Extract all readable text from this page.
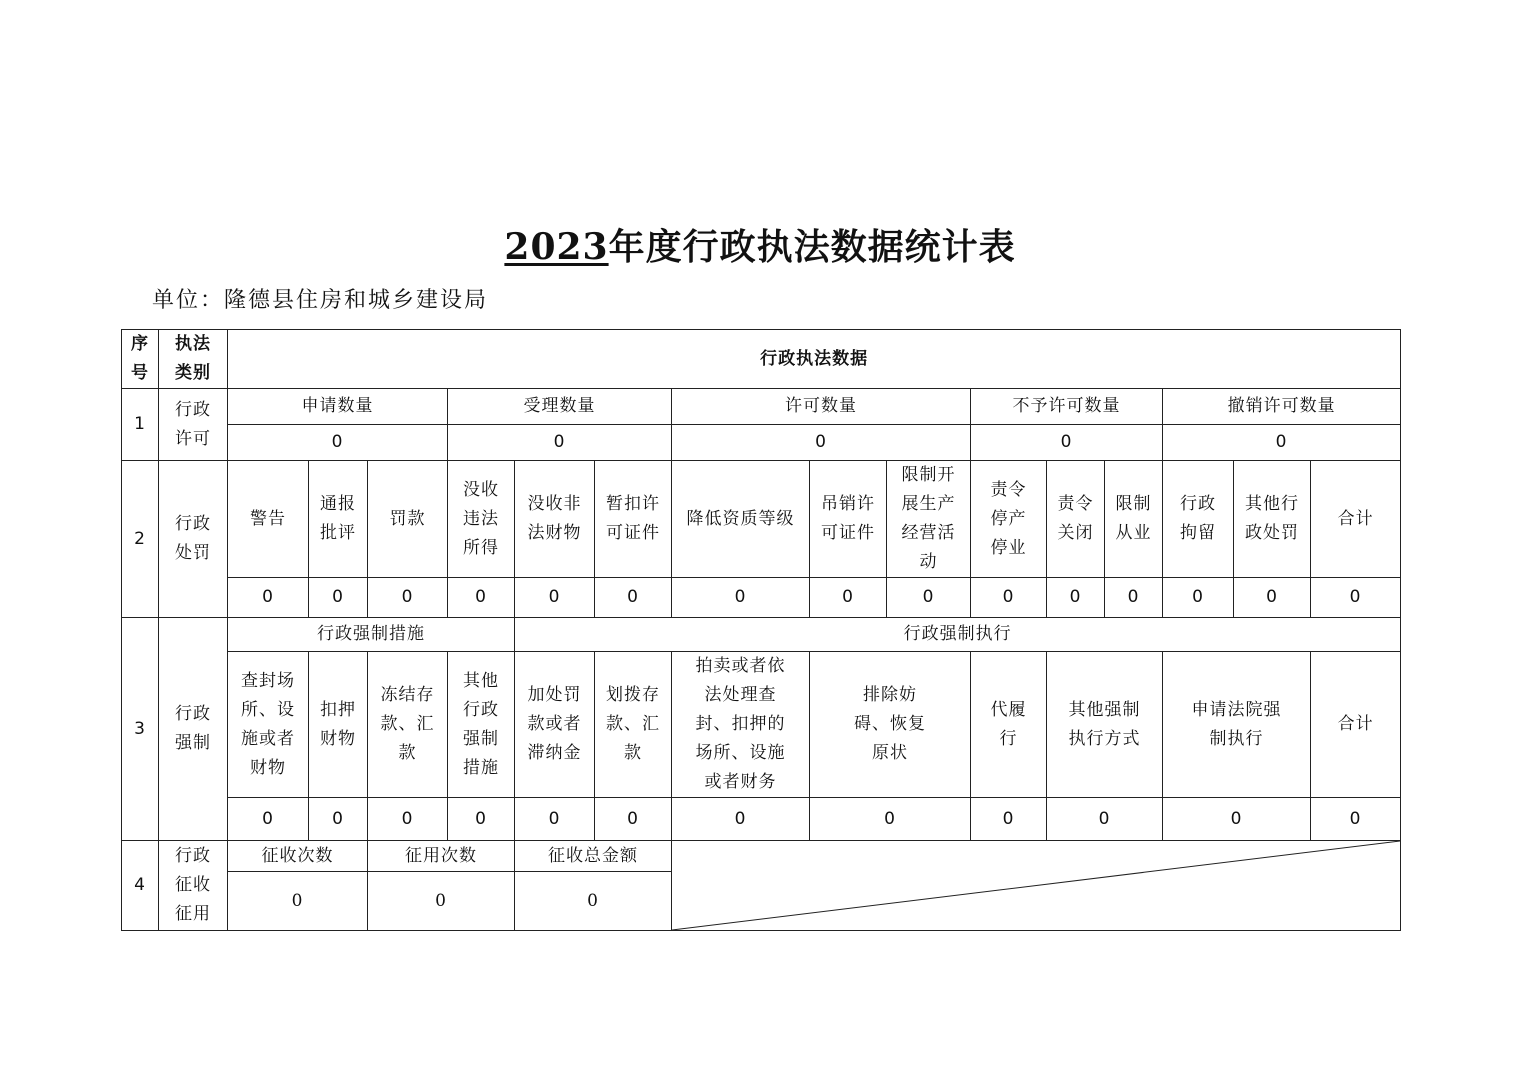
2023年度行政执法数据统计表
单位：隆德县住房和城乡建设局
序号	执法类别	行政执法数据														
1	行政许可	申请数量			受理数量			许可数量			不予许可数量			撤销许可数量		
		0			0			0			0			0		
2	行政处罚	警告	通报批评	罚款	没收违法所得	没收非法财物	暂扣许可证件	降低资质等级	吊销许可证件	限制开展生产经营活动	责令停产停业	责令关闭	限制从业	行政拘留	其他行政处罚	合计

		0	0	0	0	0	0	0	0	0	0	0	0	0	0	0
3	行政强制	行政强制措施				行政强制执行										

		查封场所、设施或者财物	扣押财物	冻结存款、汇款	其他行政强制措施	加处罚款或者滞纳金	划拨存款、汇款	拍卖或者依法处理查封、扣押的场所、设施或者财务	排除妨碍、恢复原状		代履行	其他强制执行方式		申请法院强制执行		合计

		0	0	0	0	0	0	0	0		0	0		0		0
4	行政征收征用	征收次数		征用次数		征收总金额	

		0		0		0										
